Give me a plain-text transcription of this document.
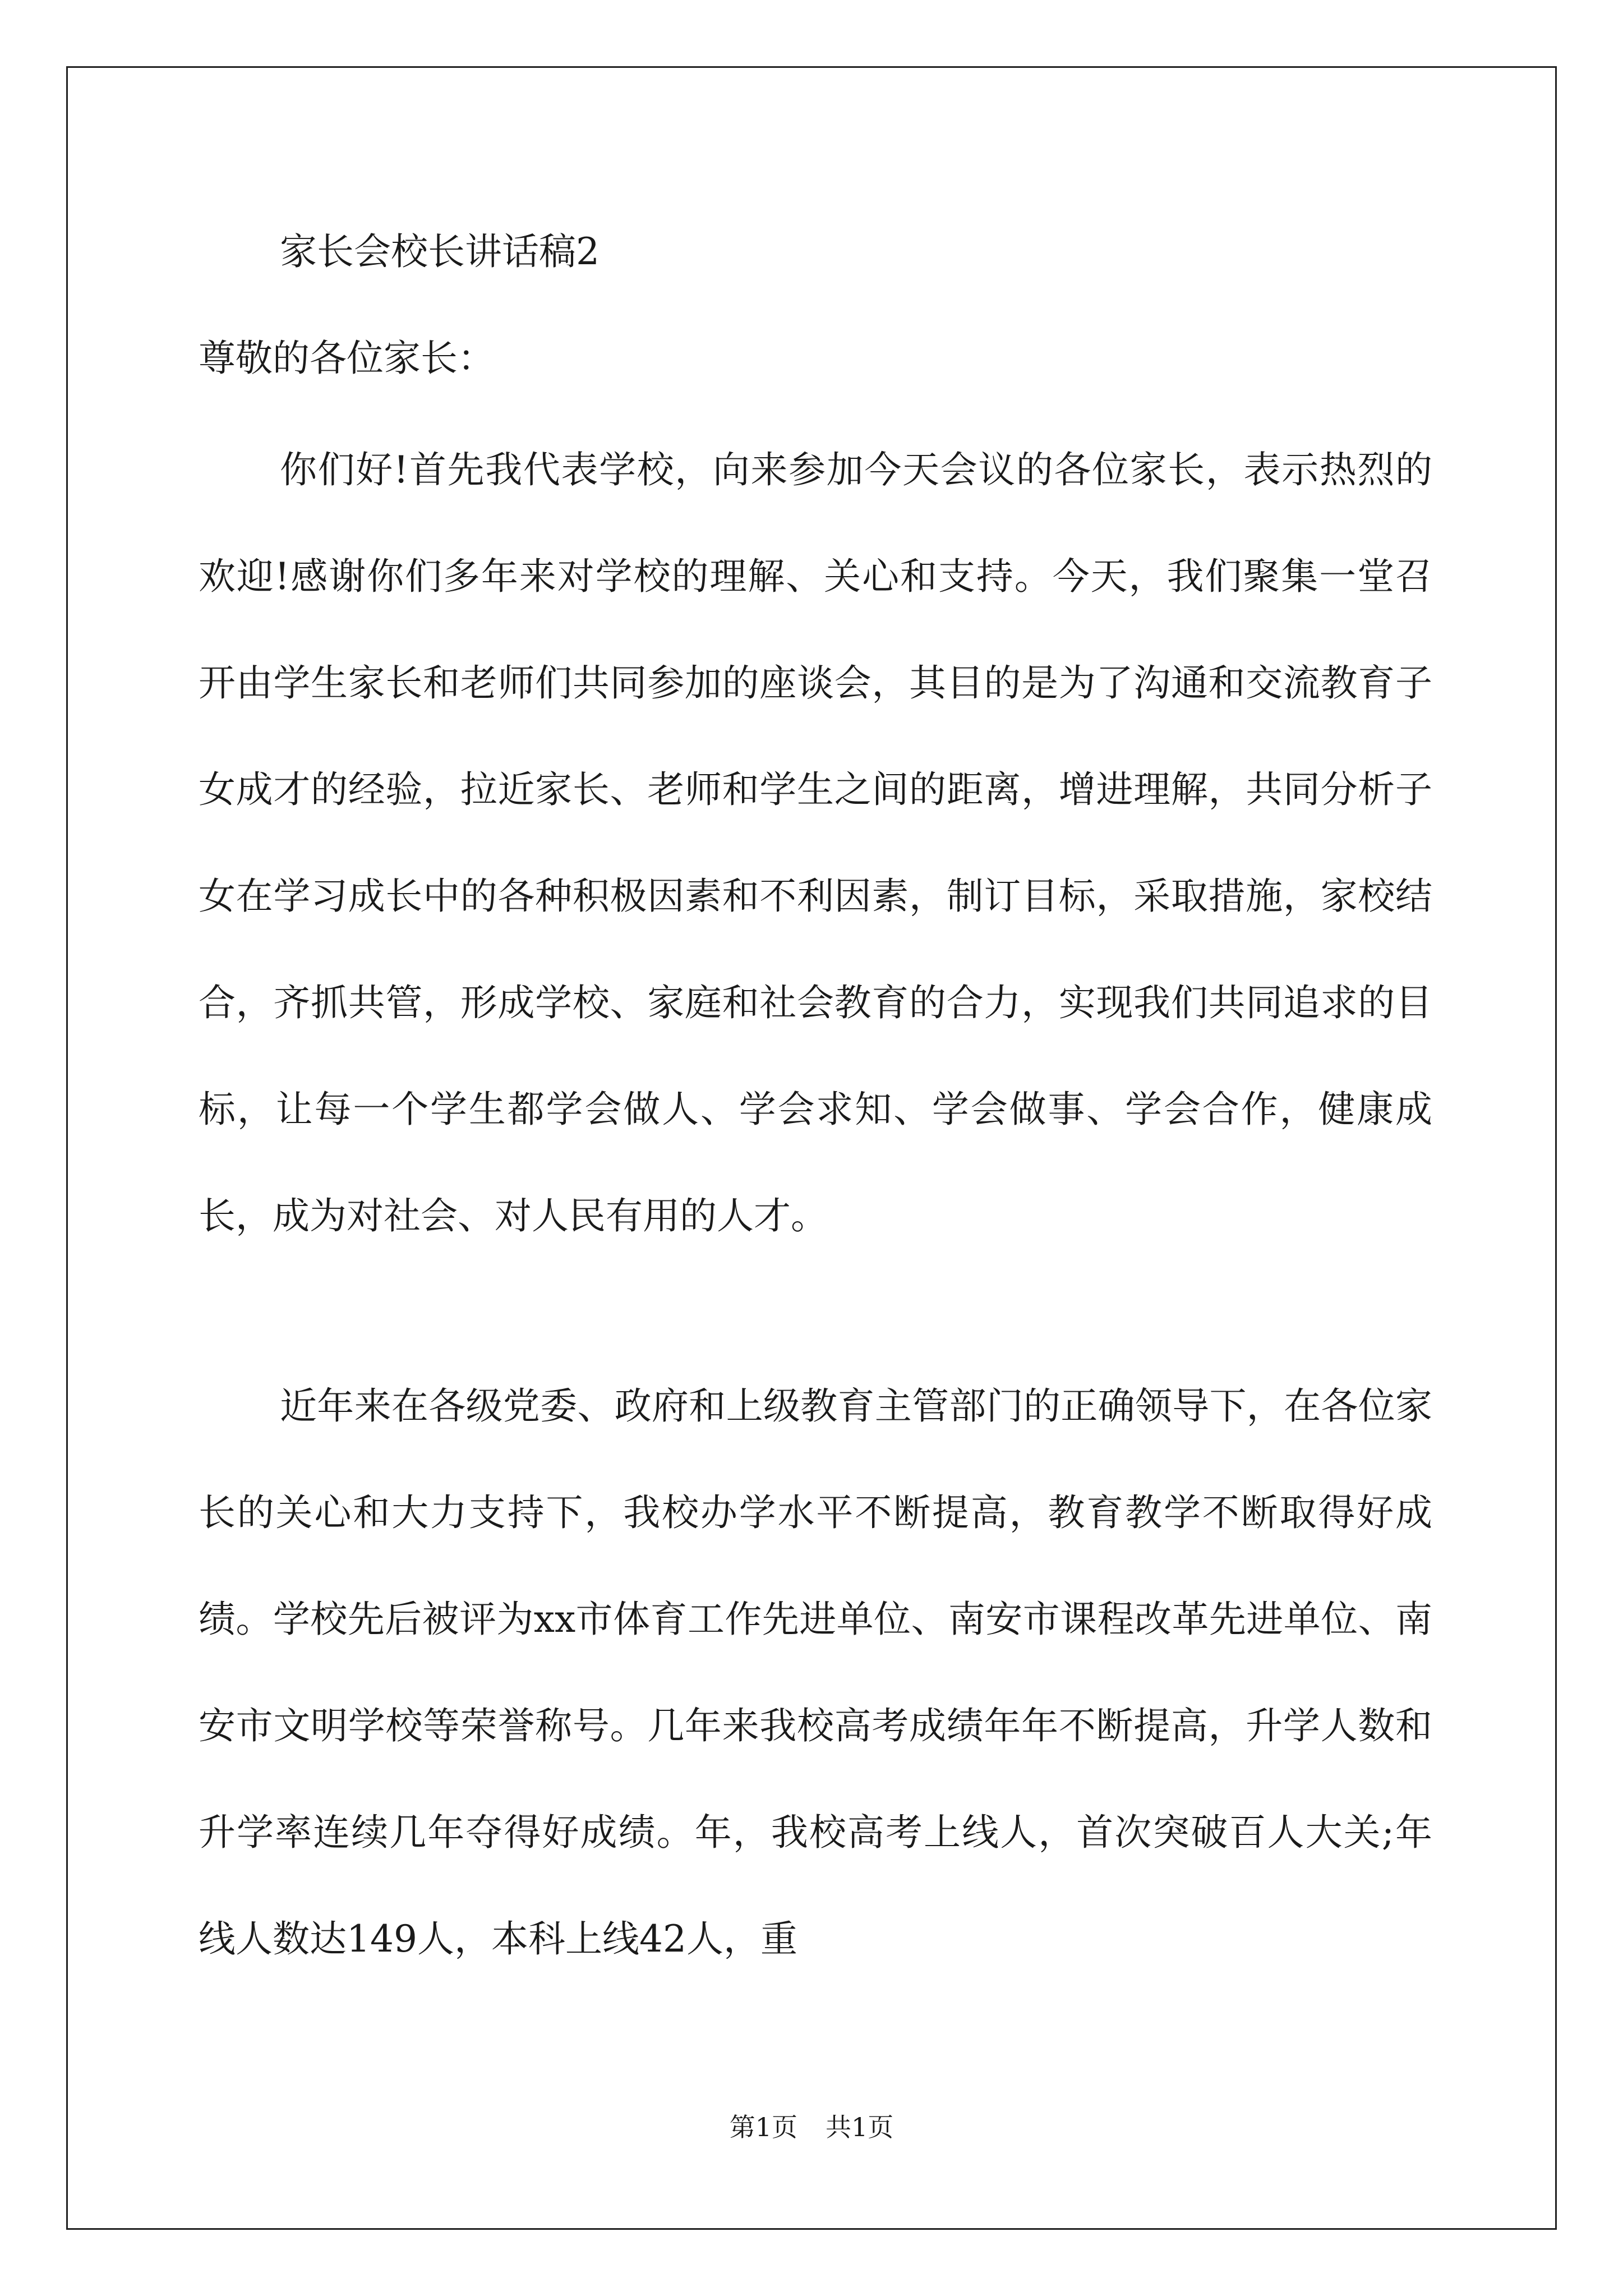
家长会校长讲话稿2

尊敬的各位家长：

你们好!首先我代表学校，向来参加今天会议的各位家长，表示热烈的欢迎!感谢你们多年来对学校的理解、关心和支持。今天，我们聚集一堂召开由学生家长和老师们共同参加的座谈会，其目的是为了沟通和交流教育子女成才的经验，拉近家长、老师和学生之间的距离，增进理解，共同分析子女在学习成长中的各种积极因素和不利因素，制订目标，采取措施，家校结合，齐抓共管，形成学校、家庭和社会教育的合力，实现我们共同追求的目标，让每一个学生都学会做人、学会求知、学会做事、学会合作，健康成长，成为对社会、对人民有用的人才。

近年来在各级党委、政府和上级教育主管部门的正确领导下，在各位家长的关心和大力支持下，我校办学水平不断提高，教育教学不断取得好成绩。学校先后被评为xx市体育工作先进单位、南安市课程改革先进单位、南安市文明学校等荣誉称号。几年来我校高考成绩年年不断提高，升学人数和升学率连续几年夺得好成绩。年，我校高考上线人，首次突破百人大关;年线人数达149人，本科上线42人，重

第1页 共1页
